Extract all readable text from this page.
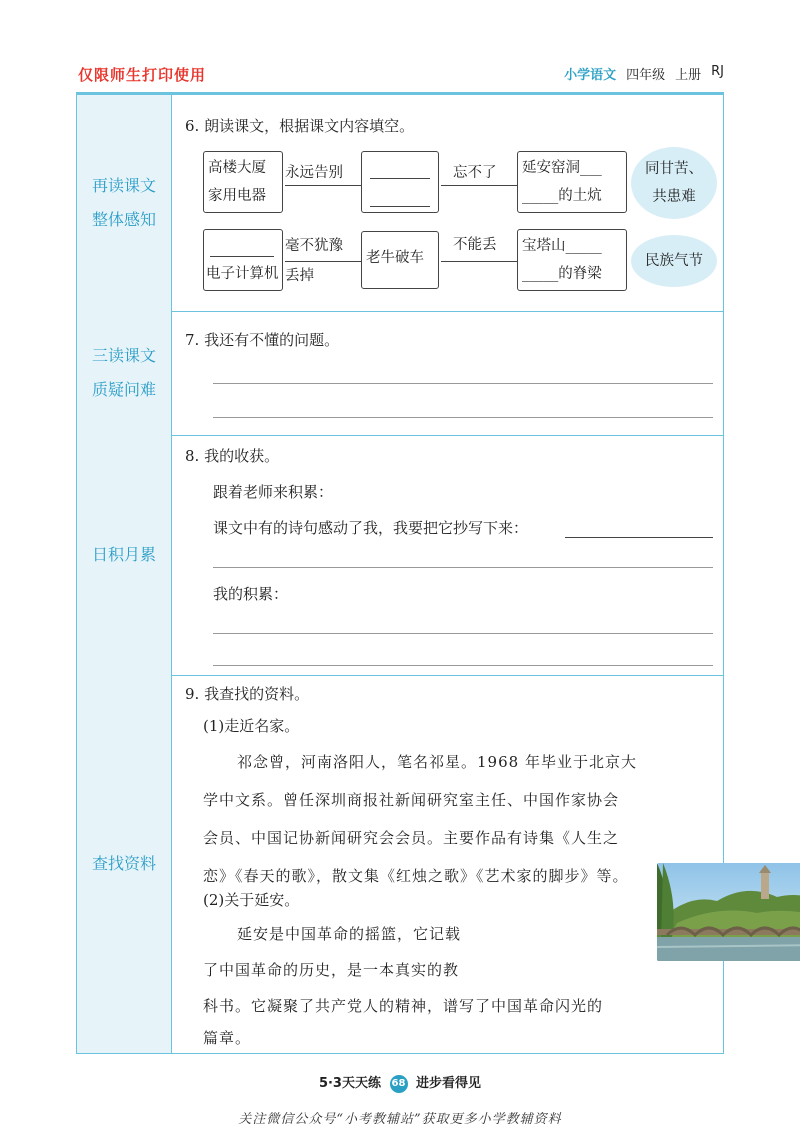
仅限师生打印使用	小学语文 四年级 上册 RJ
再读课文
整体感知
6. 朗读课文，根据课文内容填空。
高楼大厦
家用电器
永远告别	忘不了 延安窑洞___
_____的土炕
同甘苦、
共患难
电子计算机
毫不犹豫
丢掉
老牛破车
不能丢 宝塔山_____
_____的脊梁
民族气节
三读课文
质疑问难
7. 我还有不懂的问题。
日积月累
8. 我的收获。
跟着老师来积累：
课文中有的诗句感动了我，我要把它抄写下来：
我的积累：
查找资料
9. 我查找的资料。
(1)走近名家。
祁念曾，河南洛阳人，笔名祁星。1968 年毕业于北京大
学中文系。曾任深圳商报社新闻研究室主任、中国作家协会
会员、中国记协新闻研究会会员。主要作品有诗集《人生之
恋》《春天的歌》，散文集《红烛之歌》《艺术家的脚步》等。
(2)关于延安。
延安是中国革命的摇篮，它记载
了中国革命的历史，是一本真实的教
科书。它凝聚了共产党人的精神，谱写了中国革命闪光的
篇章。
5·3天天练 68 进步看得见
关注微信公众号“小考教辅站”获取更多小学教辅资料
